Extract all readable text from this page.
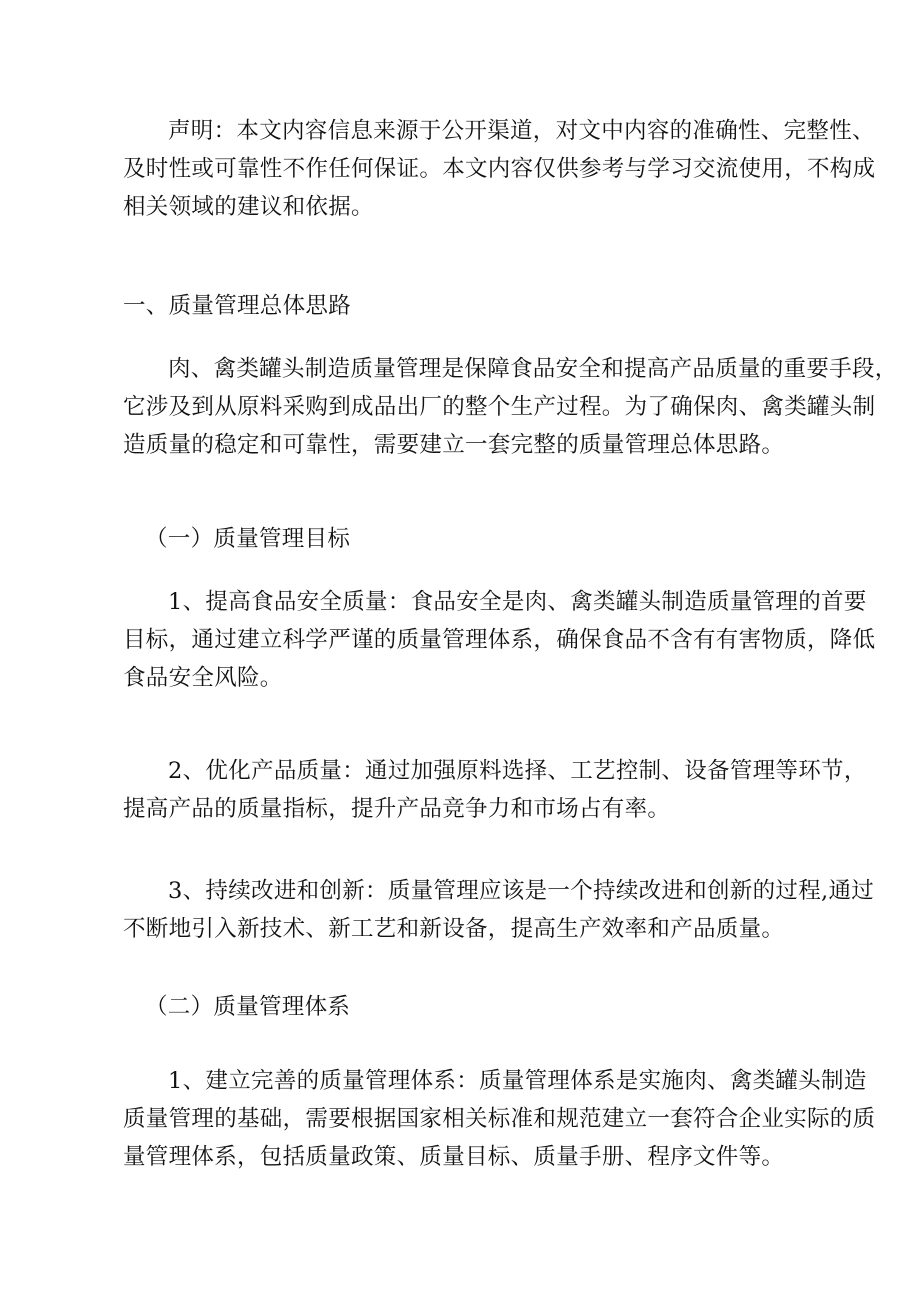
声明：本文内容信息来源于公开渠道，对文中内容的准确性、完整性、
及时性或可靠性不作任何保证。本文内容仅供参考与学习交流使用，不构成
相关领域的建议和依据。
一、质量管理总体思路
肉、禽类罐头制造质量管理是保障食品安全和提高产品质量的重要手段，
它涉及到从原料采购到成品出厂的整个生产过程。为了确保肉、禽类罐头制
造质量的稳定和可靠性，需要建立一套完整的质量管理总体思路。
（一）质量管理目标
1、提高食品安全质量：食品安全是肉、禽类罐头制造质量管理的首要
目标，通过建立科学严谨的质量管理体系，确保食品不含有有害物质，降低
食品安全风险。
2、优化产品质量：通过加强原料选择、工艺控制、设备管理等环节，
提高产品的质量指标，提升产品竞争力和市场占有率。
3、持续改进和创新：质量管理应该是一个持续改进和创新的过程,通过
不断地引入新技术、新工艺和新设备，提高生产效率和产品质量。
（二）质量管理体系
1、建立完善的质量管理体系：质量管理体系是实施肉、禽类罐头制造
质量管理的基础，需要根据国家相关标准和规范建立一套符合企业实际的质
量管理体系，包括质量政策、质量目标、质量手册、程序文件等。
